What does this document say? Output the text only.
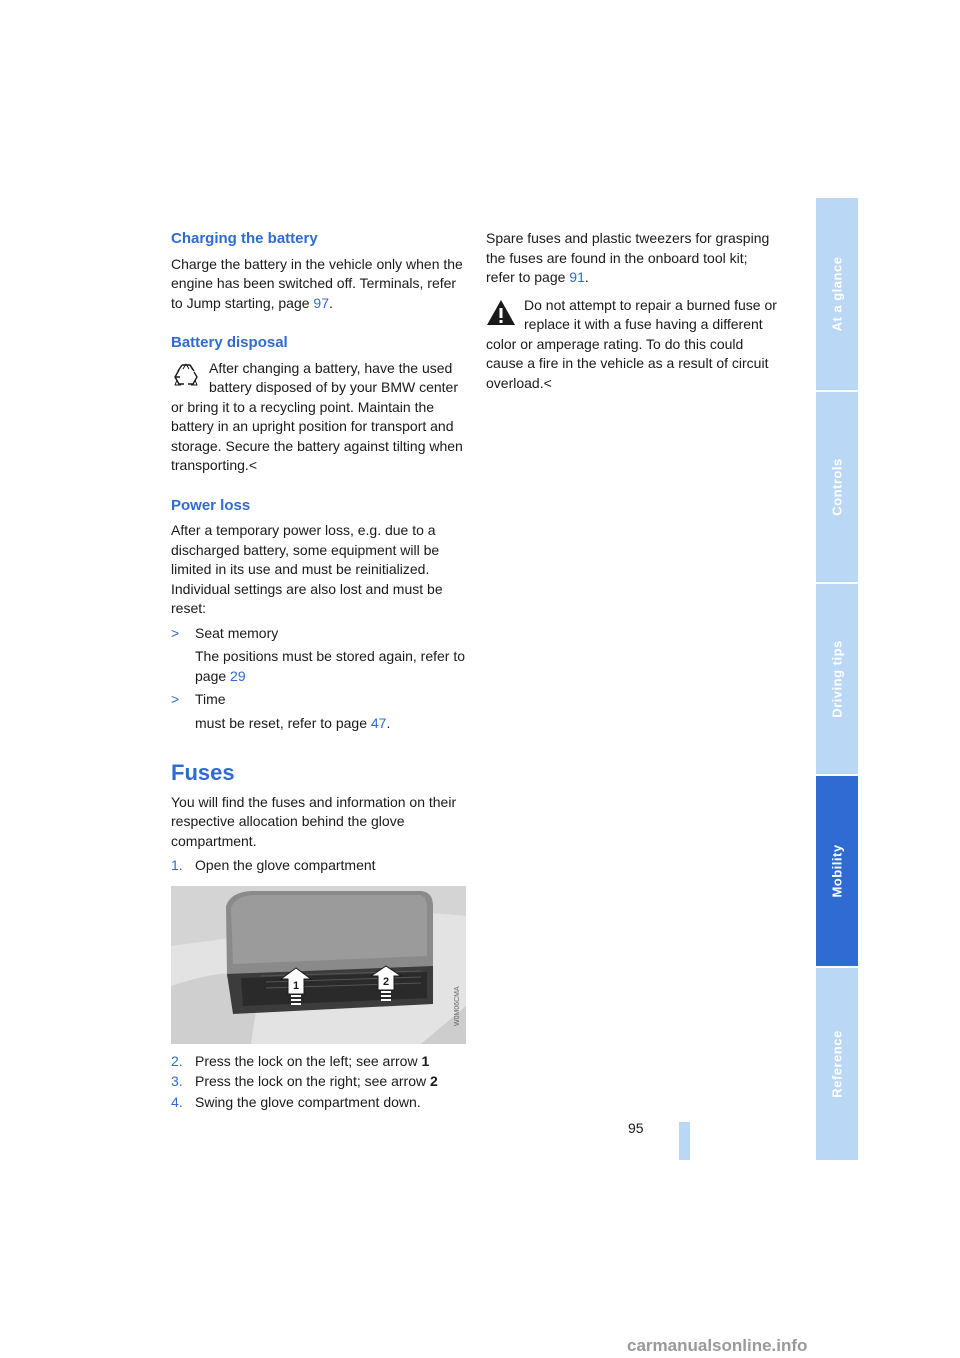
Charging the battery

Charge the battery in the vehicle only when the engine has been switched off. Terminals, refer to Jump starting, page 97.

Battery disposal

After changing a battery, have the used battery disposed of by your BMW center or bring it to a recycling point. Maintain the battery in an upright position for transport and storage. Secure the battery against tilting when transporting.<

Power loss

After a temporary power loss, e.g. due to a discharged battery, some equipment will be limited in its use and must be reinitialized. Individual settings are also lost and must be reset:

>	Seat memory

The positions must be stored again, refer to page 29

>	Time

must be reset, refer to page 47.

Fuses

You will find the fuses and information on their respective allocation behind the glove compartment.

1. Open the glove compartment
1	2
W0M06CMA
2. Press the lock on the left; see arrow 1
3. Press the lock on the right; see arrow 2
4. Swing the glove compartment down.

Spare fuses and plastic tweezers for grasping the fuses are found in the onboard tool kit; refer to page 91.

Do not attempt to repair a burned fuse or replace it with a fuse having a different color or amperage rating. To do this could cause a fire in the vehicle as a result of circuit overload.<

At a glance
Controls
Driving tips
Mobility
Reference
95
carmanualsonline.info
